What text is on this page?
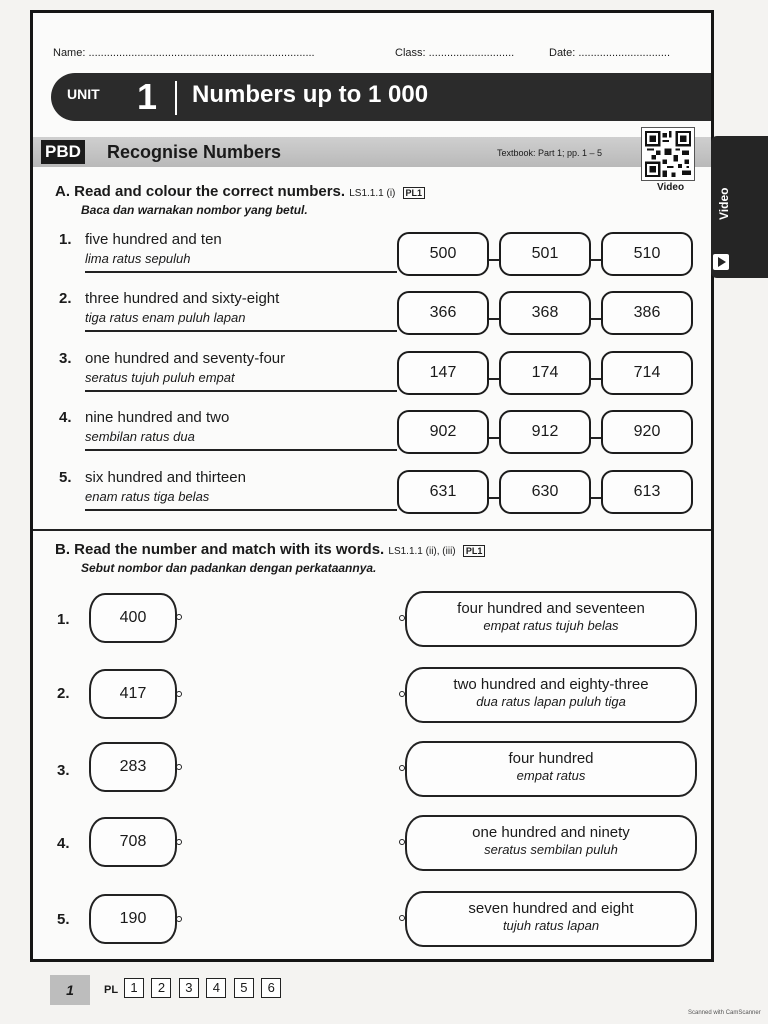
Name: ..........................................................................	Class: ............................	Date: ..............................
UNIT 1 Numbers up to 1 000
PBD Recognise Numbers	Textbook: Part 1; pp. 1 – 5
Video
A. Read and colour the correct numbers. LS1.1.1 (i) PL1
Baca dan warnakan nombor yang betul.
1. five hundred and ten
lima ratus sepuluh	500	501	510
2. three hundred and sixty-eight
tiga ratus enam puluh lapan	366	368	386
3. one hundred and seventy-four
seratus tujuh puluh empat	147	174	714
4. nine hundred and two
sembilan ratus dua	902	912	920
5. six hundred and thirteen
enam ratus tiga belas	631	630	613
B. Read the number and match with its words. LS1.1.1 (ii), (iii) PL1
Sebut nombor dan padankan dengan perkataannya.
1.	400
2.	417
3.	283
4.	708
5.	190
four hundred and seventeen
empat ratus tujuh belas
two hundred and eighty-three
dua ratus lapan puluh tiga
four hundred
empat ratus
one hundred and ninety
seratus sembilan puluh
seven hundred and eight
tujuh ratus lapan
Video
1	PL 1 2 3 4 5 6
Scanned with CamScanner
